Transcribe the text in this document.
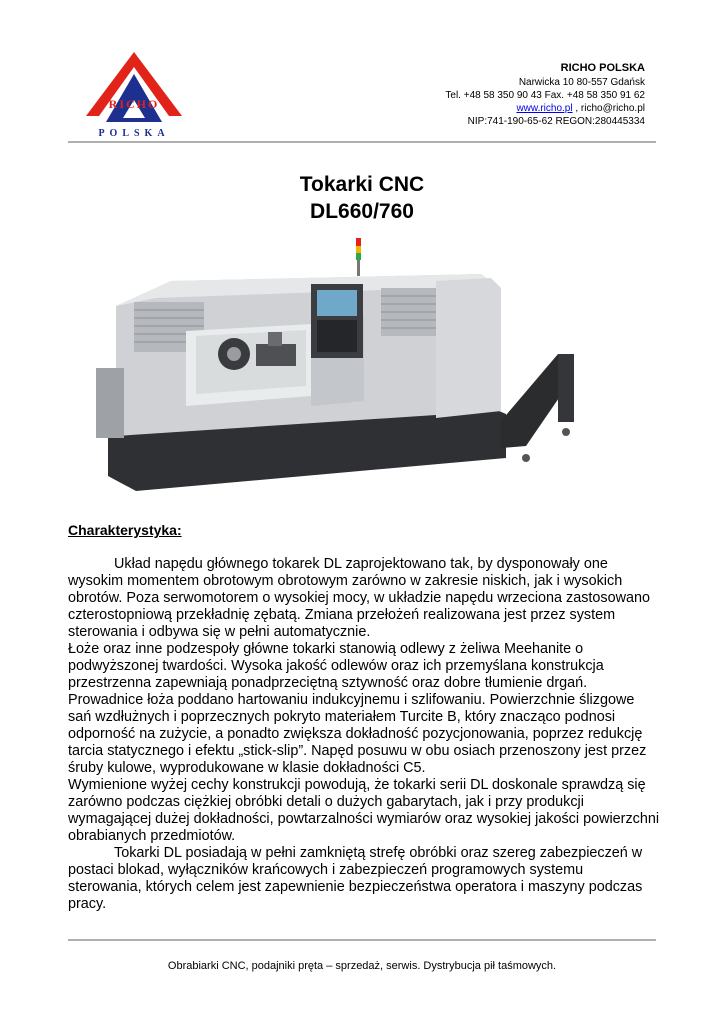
RICHO
POLSKA
RICHO POLSKA
Narwicka 10 80-557 Gdańsk
Tel. +48 58 350 90 43 Fax. +48 58 350 91 62
www.richo.pl , richo@richo.pl
NIP:741-190-65-62 REGON:280445334
Tokarki CNC
DL660/760
Charakterystyka:

Układ napędu głównego tokarek DL zaprojektowano tak, by dysponowały one wysokim momentem obrotowym obrotowym zarówno w zakresie niskich, jak i wysokich obrotów. Poza serwomotorem o wysokiej mocy, w układzie napędu wrzeciona zastosowano czterostopniową przekładnię zębatą. Zmiana przełożeń realizowana jest przez system sterowania i odbywa się w pełni automatycznie.

Łoże oraz inne podzespoły główne tokarki stanowią odlewy z żeliwa Meehanite o podwyższonej twardości. Wysoka jakość odlewów oraz ich przemyślana konstrukcja przestrzenna zapewniają ponadprzeciętną sztywność oraz dobre tłumienie drgań. Prowadnice łoża poddano hartowaniu indukcyjnemu i szlifowaniu. Powierzchnie ślizgowe sań wzdłużnych i poprzecznych pokryto materiałem Turcite B, który znacząco podnosi odporność na zużycie, a ponadto zwiększa dokładność pozycjonowania, poprzez redukcję tarcia statycznego i efektu „stick-slip”. Napęd posuwu w obu osiach przenoszony jest przez śruby kulowe, wyprodukowane w klasie dokładności C5.

Wymienione wyżej cechy konstrukcji powodują, że tokarki serii DL doskonale sprawdzą się zarówno podczas ciężkiej obróbki detali o dużych gabarytach, jak i przy produkcji wymagającej dużej dokładności, powtarzalności wymiarów oraz wysokiej jakości powierzchni obrabianych przedmiotów.

Tokarki DL posiadają w pełni zamkniętą strefę obróbki oraz szereg zabezpieczeń w postaci blokad, wyłączników krańcowych i zabezpieczeń programowych systemu sterowania, których celem jest zapewnienie bezpieczeństwa operatora i maszyny podczas pracy.

Obrabiarki CNC, podajniki pręta – sprzedaż, serwis. Dystrybucja pił taśmowych.
